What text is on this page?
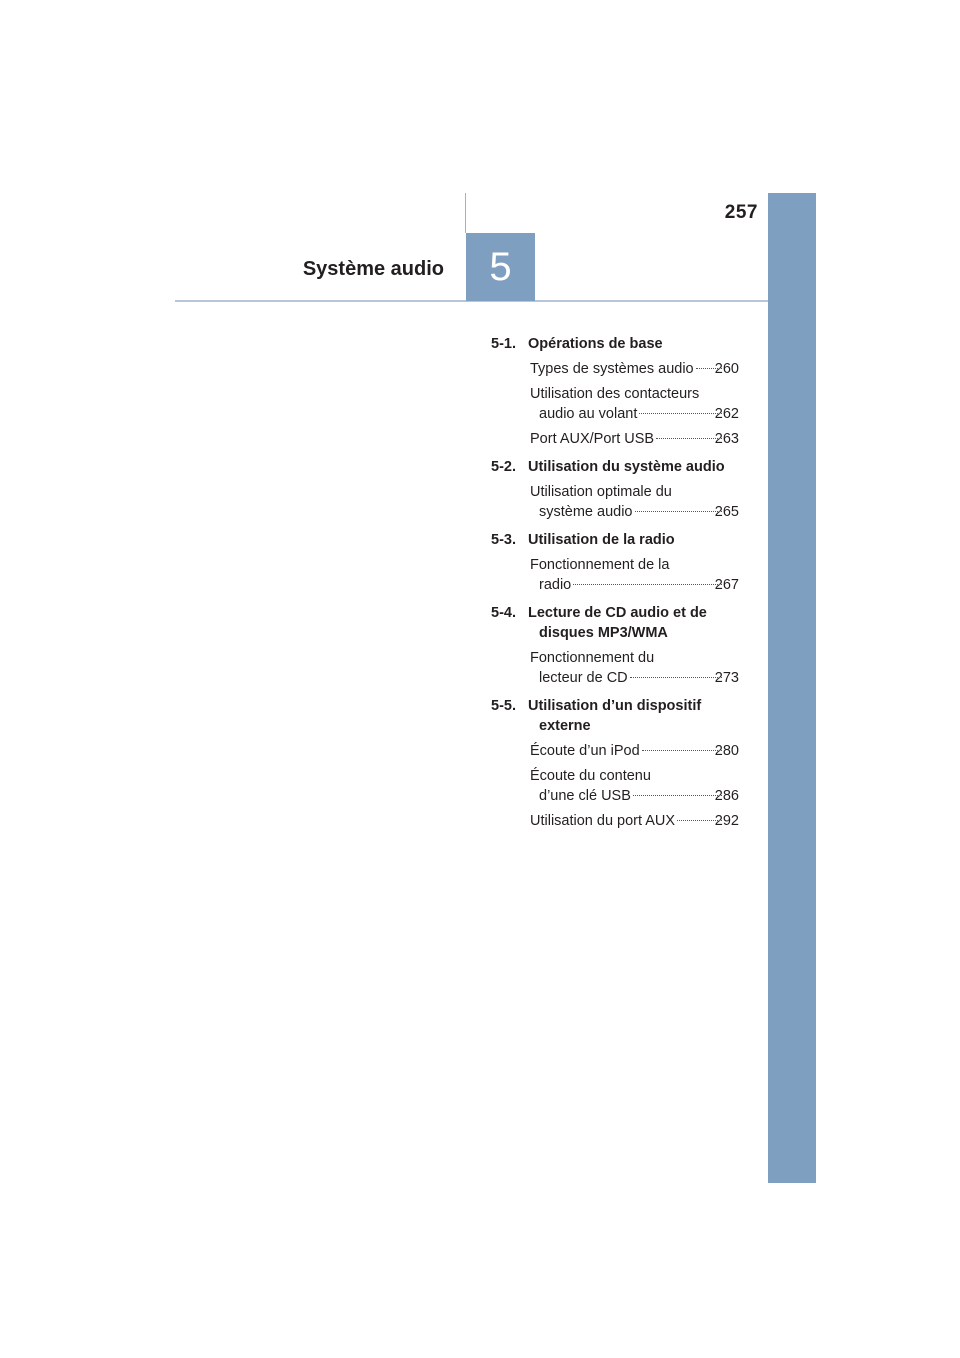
5
257
Système audio
5-1. Opérations de base
Types de systèmes audio 260
Utilisation des contacteurs
audio au volant	262
Port AUX/Port USB	263
5-2. Utilisation du système audio
Utilisation optimale du
système audio	265
5-3. Utilisation de la radio
Fonctionnement de la
radio	267
5-4. Lecture de CD audio et de disques MP3/WMA
Fonctionnement du
lecteur de CD	273
5-5. Utilisation d’un dispositif externe
Écoute d’un iPod	280
Écoute du contenu
d’une clé USB	286
Utilisation du port AUX	292
